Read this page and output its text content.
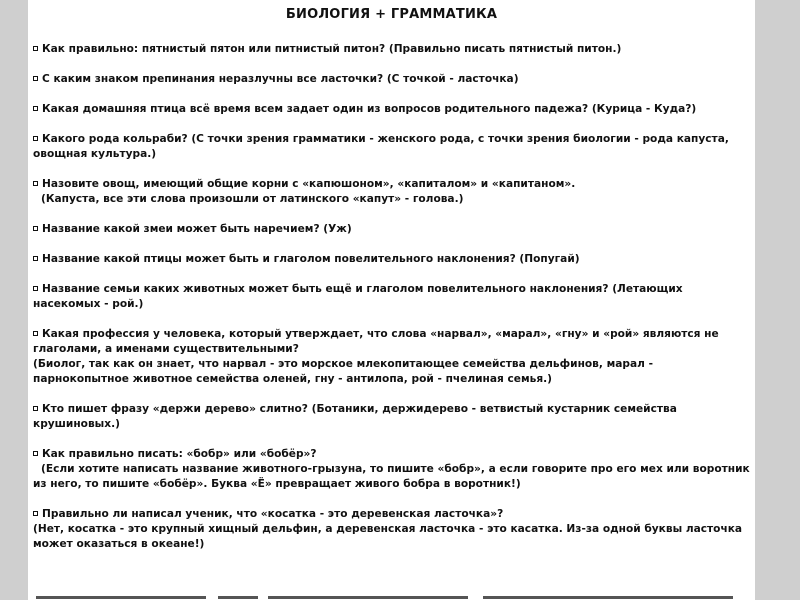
БИОЛОГИЯ + ГРАММАТИКА
Как правильно: пятнистый пятон или питнистый питон? (Правильно писать пятнистый питон.)
С каким знаком препинания неразлучны все ласточки? (С точкой - ласточка)
Какая домашняя птица всё время всем задает один из вопросов родительного падежа? (Курица - Куда?)
Какого рода кольраби? (С точки зрения грамматики - женского рода, с точки зрения биологии - рода капуста, овощная культура.)
Назовите овощ, имеющий общие корни с «капюшоном», «капиталом» и «капитаном».
(Капуста, все эти слова произошли от латинского «капут» - голова.)
Название какой змеи может быть наречием? (Уж)
Название какой птицы может быть и глаголом повелительного наклонения? (Попугай)
Название семьи каких животных может быть ещё и глаголом повелительного наклонения? (Летающих насекомых - рой.)
Какая профессия у человека, который утверждает, что слова «нарвал», «марал», «гну» и «рой» являются не глаголами, а именами существительными?
(Биолог, так как он знает, что нарвал - это морское млекопитающее семейства дельфинов, марал - парнокопытное животное семейства оленей, гну - антилопа, рой - пчелиная семья.)
Кто пишет фразу «держи дерево» слитно? (Ботаники, держидерево - ветвистый кустарник семейства крушиновых.)
Как правильно писать: «бобр» или «бобёр»?
(Если хотите написать название животного-грызуна, то пишите «бобр», а если говорите про его мех или воротник из него, то пишите «бобёр». Буква «Ё» превращает живого бобра в воротник!)
Правильно ли написал ученик, что «косатка - это деревенская ласточка»?
(Нет, косатка - это крупный хищный дельфин, а деревенская ласточка - это касатка. Из-за одной буквы ласточка может оказаться в океане!)
